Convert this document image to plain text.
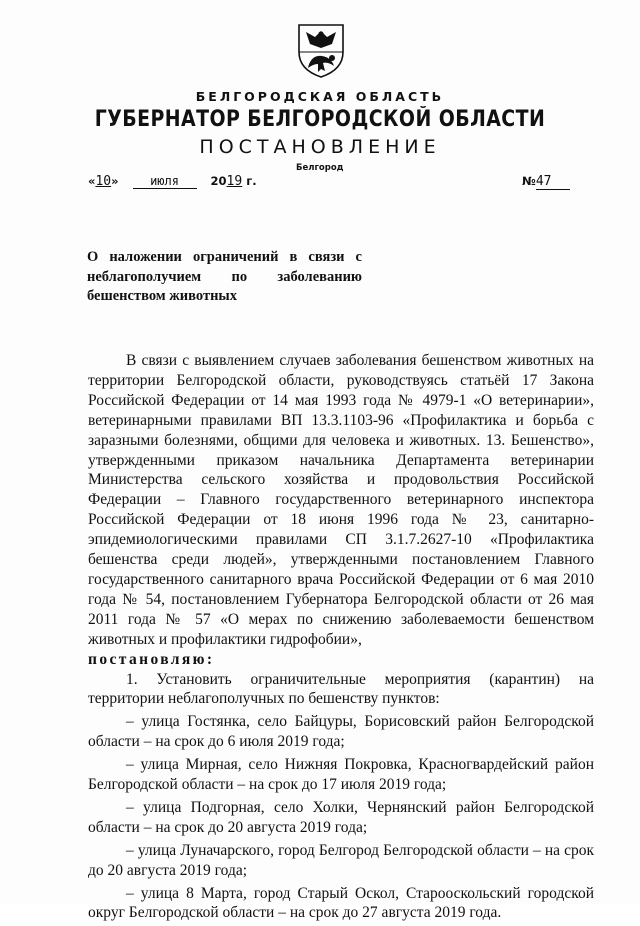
БЕЛГОРОДСКАЯ ОБЛАСТЬ
ГУБЕРНАТОР БЕЛГОРОДСКОЙ ОБЛАСТИ
ПОСТАНОВЛЕНИЕ
Белгород
«10»	июля	2019 г.	№47
О наложении ограничений в связи с неблагополучием по заболеванию бешенством животных

В связи с выявлением случаев заболевания бешенством животных на территории Белгородской области, руководствуясь статьёй 17 Закона Российской Федерации от 14 мая 1993 года № 4979-1 «О ветеринарии», ветеринарными правилами ВП 13.3.1103-96 «Профилактика и борьба с заразными болезнями, общими для человека и животных. 13. Бешенство», утвержденными приказом начальника Департамента ветеринарии Министерства сельского хозяйства и продовольствия Российской Федерации – Главного государственного ветеринарного инспектора Российской Федерации от 18 июня 1996 года № 23, санитарно-эпидемиологическими правилами СП 3.1.7.2627-10 «Профилактика бешенства среди людей», утвержденными постановлением Главного государственного санитарного врача Российской Федерации от 6 мая 2010 года № 54, постановлением Губернатора Белгородской области от 26 мая 2011 года № 57 «О мерах по снижению заболеваемости бешенством животных и профилактики гидрофобии»,
постановляю:

1. Установить ограничительные мероприятия (карантин) на территории неблагополучных по бешенству пунктов:

– улица Гостянка, село Байцуры, Борисовский район Белгородской области – на срок до 6 июля 2019 года;
– улица Мирная, село Нижняя Покровка, Красногвардейский район Белгородской области – на срок до 17 июля 2019 года;
– улица Подгорная, село Холки, Чернянский район Белгородской области – на срок до 20 августа 2019 года;
– улица Луначарского, город Белгород Белгородской области – на срок до 20 августа 2019 года;
– улица 8 Марта, город Старый Оскол, Старооскольский городской округ Белгородской области – на срок до 27 августа 2019 года.
